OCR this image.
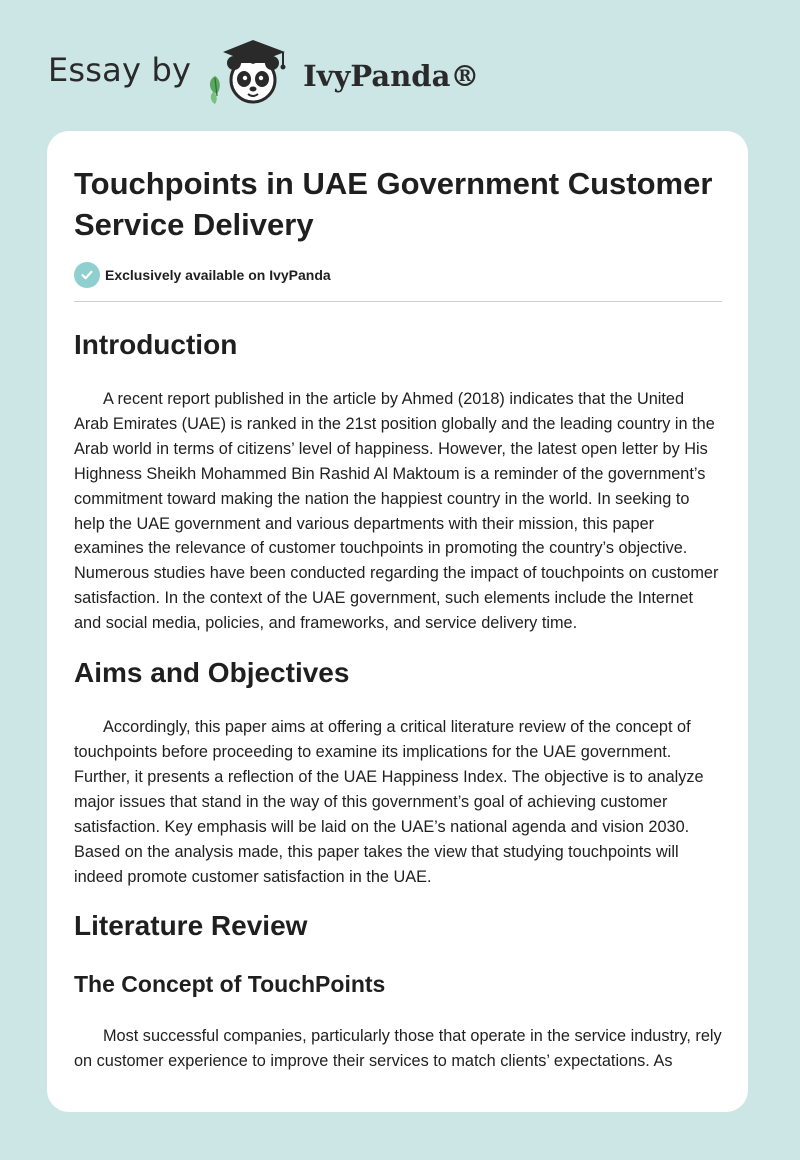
Essay by	IvyPanda®
Touchpoints in UAE Government Customer Service Delivery
Exclusively available on IvyPanda
Introduction

A recent report published in the article by Ahmed (2018) indicates that the United Arab Emirates (UAE) is ranked in the 21st position globally and the leading country in the Arab world in terms of citizens’ level of happiness. However, the latest open letter by His Highness Sheikh Mohammed Bin Rashid Al Maktoum is a reminder of the government’s commitment toward making the nation the happiest country in the world. In seeking to help the UAE government and various departments with their mission, this paper examines the relevance of customer touchpoints in promoting the country’s objective. Numerous studies have been conducted regarding the impact of touchpoints on customer satisfaction. In the context of the UAE government, such elements include the Internet and social media, policies, and frameworks, and service delivery time.

Aims and Objectives

Accordingly, this paper aims at offering a critical literature review of the concept of touchpoints before proceeding to examine its implications for the UAE government. Further, it presents a reflection of the UAE Happiness Index. The objective is to analyze major issues that stand in the way of this government’s goal of achieving customer satisfaction. Key emphasis will be laid on the UAE’s national agenda and vision 2030. Based on the analysis made, this paper takes the view that studying touchpoints will indeed promote customer satisfaction in the UAE.

Literature Review
The Concept of TouchPoints

Most successful companies, particularly those that operate in the service industry, rely on customer experience to improve their services to match clients’ expectations. As
